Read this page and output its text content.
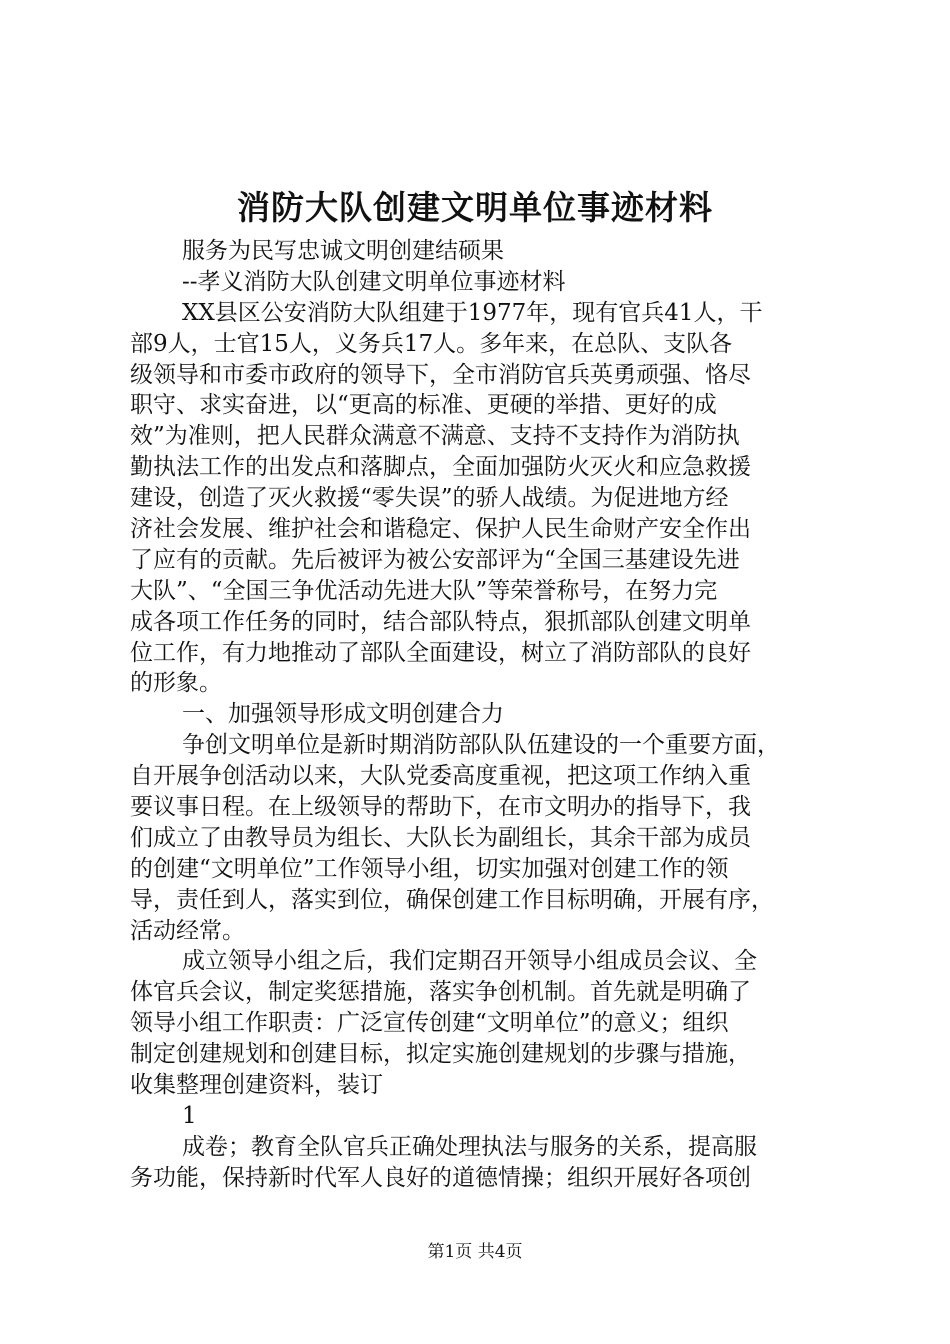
消防大队创建文明单位事迹材料
服务为民写忠诚文明创建结硕果
--孝义消防大队创建文明单位事迹材料
XX县区公安消防大队组建于1977年，现有官兵41人，干
部9人，士官15人，义务兵17人。多年来，在总队、支队各
级领导和市委市政府的领导下，全市消防官兵英勇顽强、恪尽
职守、求实奋进，以“更高的标准、更硬的举措、更好的成
效”为准则，把人民群众满意不满意、支持不支持作为消防执
勤执法工作的出发点和落脚点，全面加强防火灭火和应急救援
建设，创造了灭火救援“零失误”的骄人战绩。为促进地方经
济社会发展、维护社会和谐稳定、保护人民生命财产安全作出
了应有的贡献。先后被评为被公安部评为“全国三基建设先进
大队”、“全国三争优活动先进大队”等荣誉称号，在努力完
成各项工作任务的同时，结合部队特点，狠抓部队创建文明单
位工作，有力地推动了部队全面建设，树立了消防部队的良好
的形象。
一、加强领导形成文明创建合力
争创文明单位是新时期消防部队队伍建设的一个重要方面，
自开展争创活动以来，大队党委高度重视，把这项工作纳入重
要议事日程。在上级领导的帮助下，在市文明办的指导下，我
们成立了由教导员为组长、大队长为副组长，其余干部为成员
的创建“文明单位”工作领导小组，切实加强对创建工作的领
导，责任到人，落实到位，确保创建工作目标明确，开展有序，
活动经常。
成立领导小组之后，我们定期召开领导小组成员会议、全
体官兵会议，制定奖惩措施，落实争创机制。首先就是明确了
领导小组工作职责：广泛宣传创建“文明单位”的意义；组织
制定创建规划和创建目标，拟定实施创建规划的步骤与措施，
收集整理创建资料，装订
1
成卷；教育全队官兵正确处理执法与服务的关系，提高服
务功能，保持新时代军人良好的道德情操；组织开展好各项创
第1页 共4页
